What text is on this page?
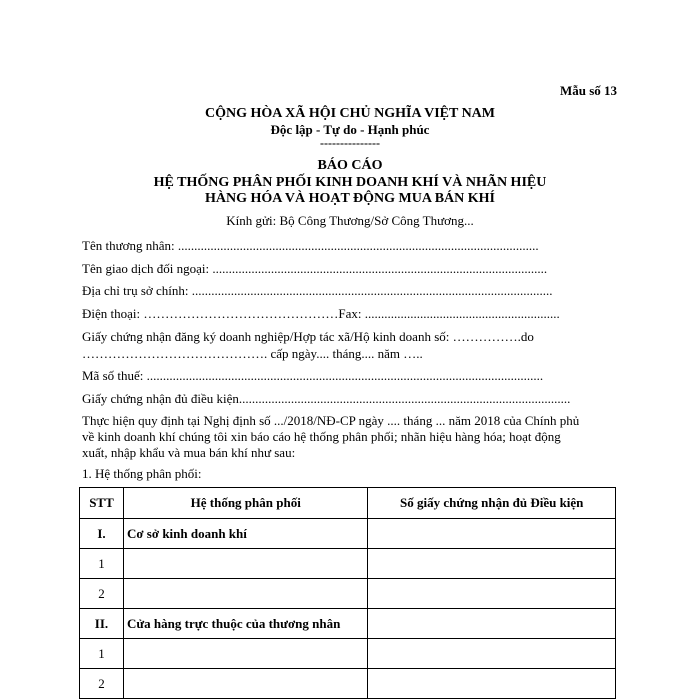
Mẫu số 13
CỘNG HÒA XÃ HỘI CHỦ NGHĨA VIỆT NAM
Độc lập - Tự do - Hạnh phúc
---------------
BÁO CÁO
HỆ THỐNG PHÂN PHỐI KINH DOANH KHÍ VÀ NHÃN HIỆU
HÀNG HÓA VÀ HOẠT ĐỘNG MUA BÁN KHÍ
Kính gửi: Bộ Công Thương/Sở Công Thương...
Tên thương nhân: ...............................................................................................................
Tên giao dịch đối ngoại: .......................................................................................................
Địa chỉ trụ sở chính: ...............................................................................................................
Điện thoại: ………………………………………Fax: ............................................................
Giấy chứng nhận đăng ký doanh nghiệp/Hợp tác xã/Hộ kinh doanh số: …………….do
……………………………………. cấp ngày.... tháng.... năm …..
Mã số thuế: ..........................................................................................................................
Giấy chứng nhận đủ điều kiện......................................................................................................
Thực hiện quy định tại Nghị định số .../2018/NĐ-CP ngày .... tháng ... năm 2018 của Chính phủ
về kinh doanh khí chúng tôi xin báo cáo hệ thống phân phối; nhãn hiệu hàng hóa; hoạt động
xuất, nhập khẩu và mua bán khí như sau:
1. Hệ thống phân phối:
STT	Hệ thống phân phối	Số giấy chứng nhận đủ Điều kiện
I.	Cơ sở kinh doanh khí	
1		
2		
II.	Cửa hàng trực thuộc của thương nhân	
1		
2		
